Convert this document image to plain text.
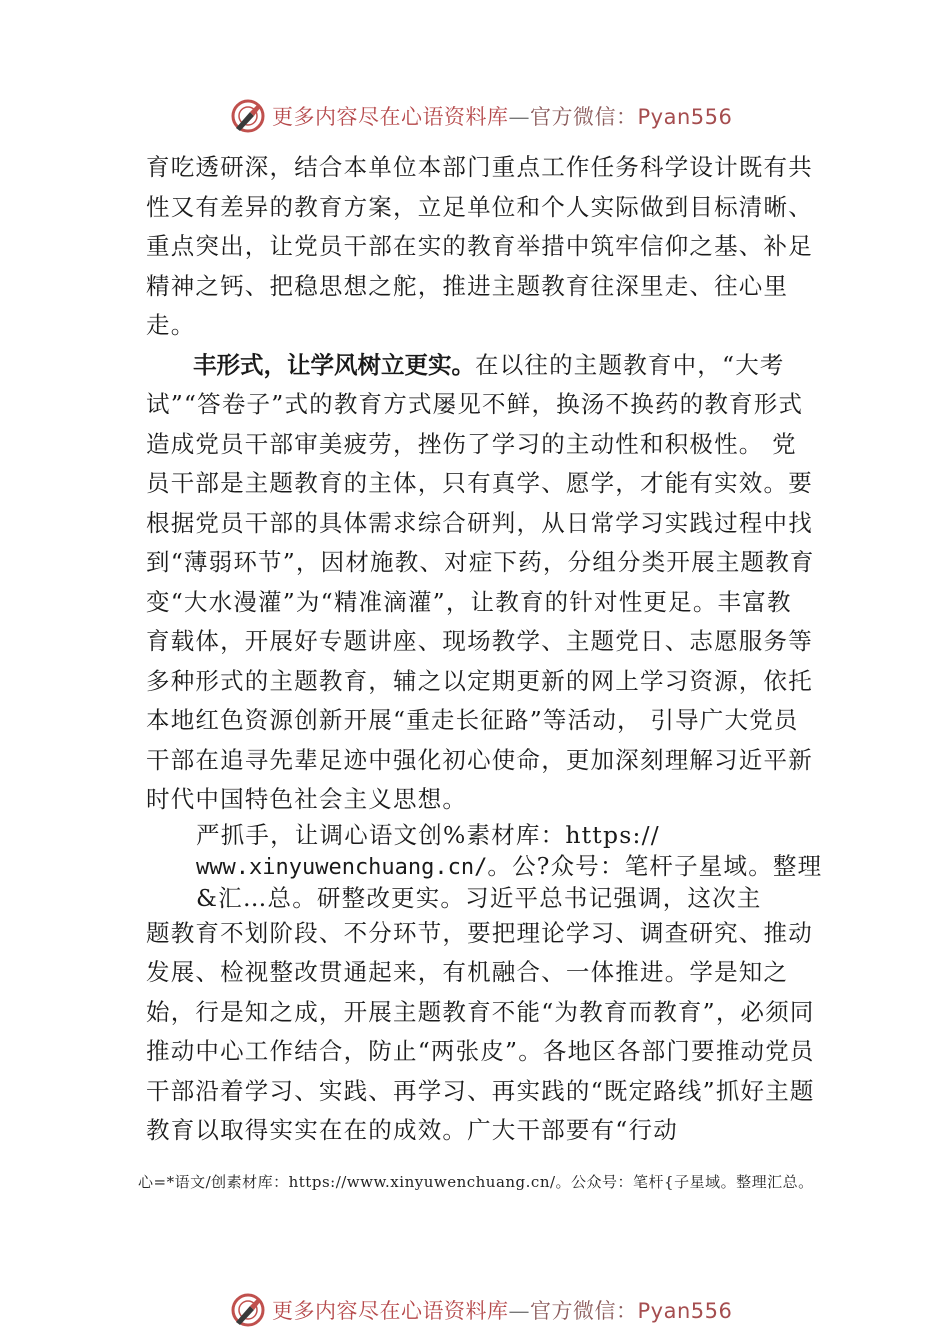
更多内容尽在心语资料库—官方微信：Pyan556

育吃透研深，结合本单位本部门重点工作任务科学设计既有共性又有差异的教育方案，立足单位和个人实际做到目标清晰、重点突出，让党员干部在实的教育举措中筑牢信仰之基、补足精神之钙、把稳思想之舵，推进主题教育往深里走、往心里走。

丰形式，让学风树立更实。在以往的主题教育中，“大考试”“答卷子”式的教育方式屡见不鲜，换汤不换药的教育形式造成党员干部审美疲劳，挫伤了学习的主动性和积极性。 党员干部是主题教育的主体，只有真学、愿学，才能有实效。要根据党员干部的具体需求综合研判，从日常学习实践过程中找到“薄弱环节”，因材施教、对症下药，分组分类开展主题教育变“大水漫灌”为“精准滴灌”，让教育的针对性更足。丰富教育载体，开展好专题讲座、现场教学、主题党日、志愿服务等多种形式的主题教育，辅之以定期更新的网上学习资源，依托本地红色资源创新开展“重走长征路”等活动， 引导广大党员干部在追寻先辈足迹中强化初心使命，更加深刻理解习近平新时代中国特色社会主义思想。

严抓手，让调心语文创%素材库：https://
www.xinyuwenchuang.cn/。公?众号：笔杆子星域。整理&汇…总。研整改更实。习近平总书记强调，这次主

题教育不划阶段、不分环节，要把理论学习、调查研究、推动发展、检视整改贯通起来，有机融合、一体推进。学是知之始，行是知之成，开展主题教育不能“为教育而教育”，必须同推动中心工作结合，防止“两张皮”。各地区各部门要推动党员干部沿着学习、实践、再学习、再实践的“既定路线”抓好主题教育以取得实实在在的成效。广大干部要有“行动

心=*语文/创素材库：https://www.xinyuwenchuang.cn/。公众号：笔杆{子星域。整理汇总。
更多内容尽在心语资料库—官方微信：Pyan556
